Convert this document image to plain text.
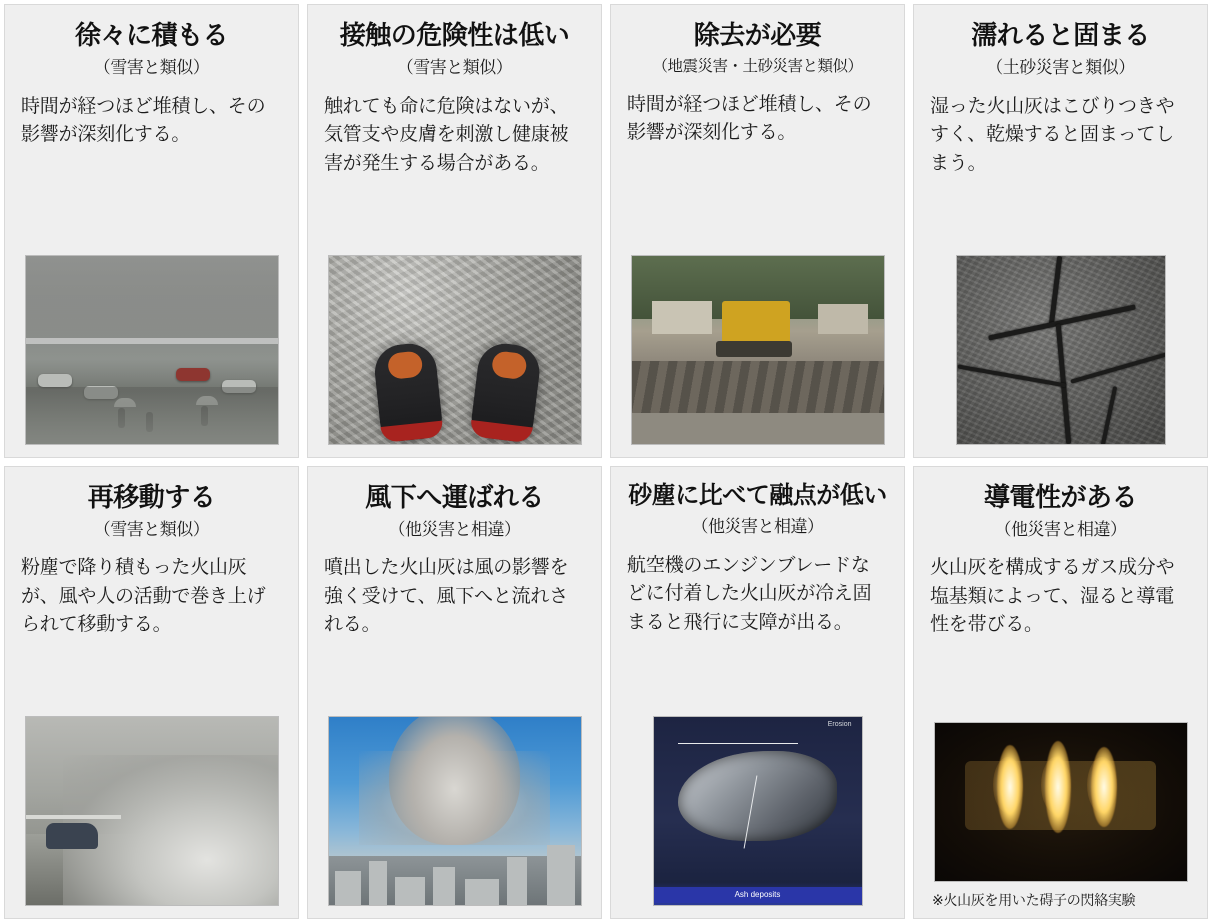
徐々に積もる
（雪害と類似）
時間が経つほど堆積し、その影響が深刻化する。
接触の危険性は低い
（雪害と類似）
触れても命に危険はないが、気管支や皮膚を刺激し健康被害が発生する場合がある。
除去が必要
（地震災害・土砂災害と類似）
時間が経つほど堆積し、その影響が深刻化する。
濡れると固まる
（土砂災害と類似）
湿った火山灰はこびりつきやすく、乾燥すると固まってしまう。
再移動する
（雪害と類似）
粉塵で降り積もった火山灰が、風や人の活動で巻き上げられて移動する。
風下へ運ばれる
（他災害と相違）
噴出した火山灰は風の影響を強く受けて、風下へと流れされる。
砂塵に比べて融点が低い
（他災害と相違）
航空機のエンジンブレードなどに付着した火山灰が冷え固まると飛行に支障が出る。
Erosion
Ash deposits
導電性がある
（他災害と相違）
火山灰を構成するガス成分や塩基類によって、湿ると導電性を帯びる。
※火山灰を用いた碍子の閃絡実験
